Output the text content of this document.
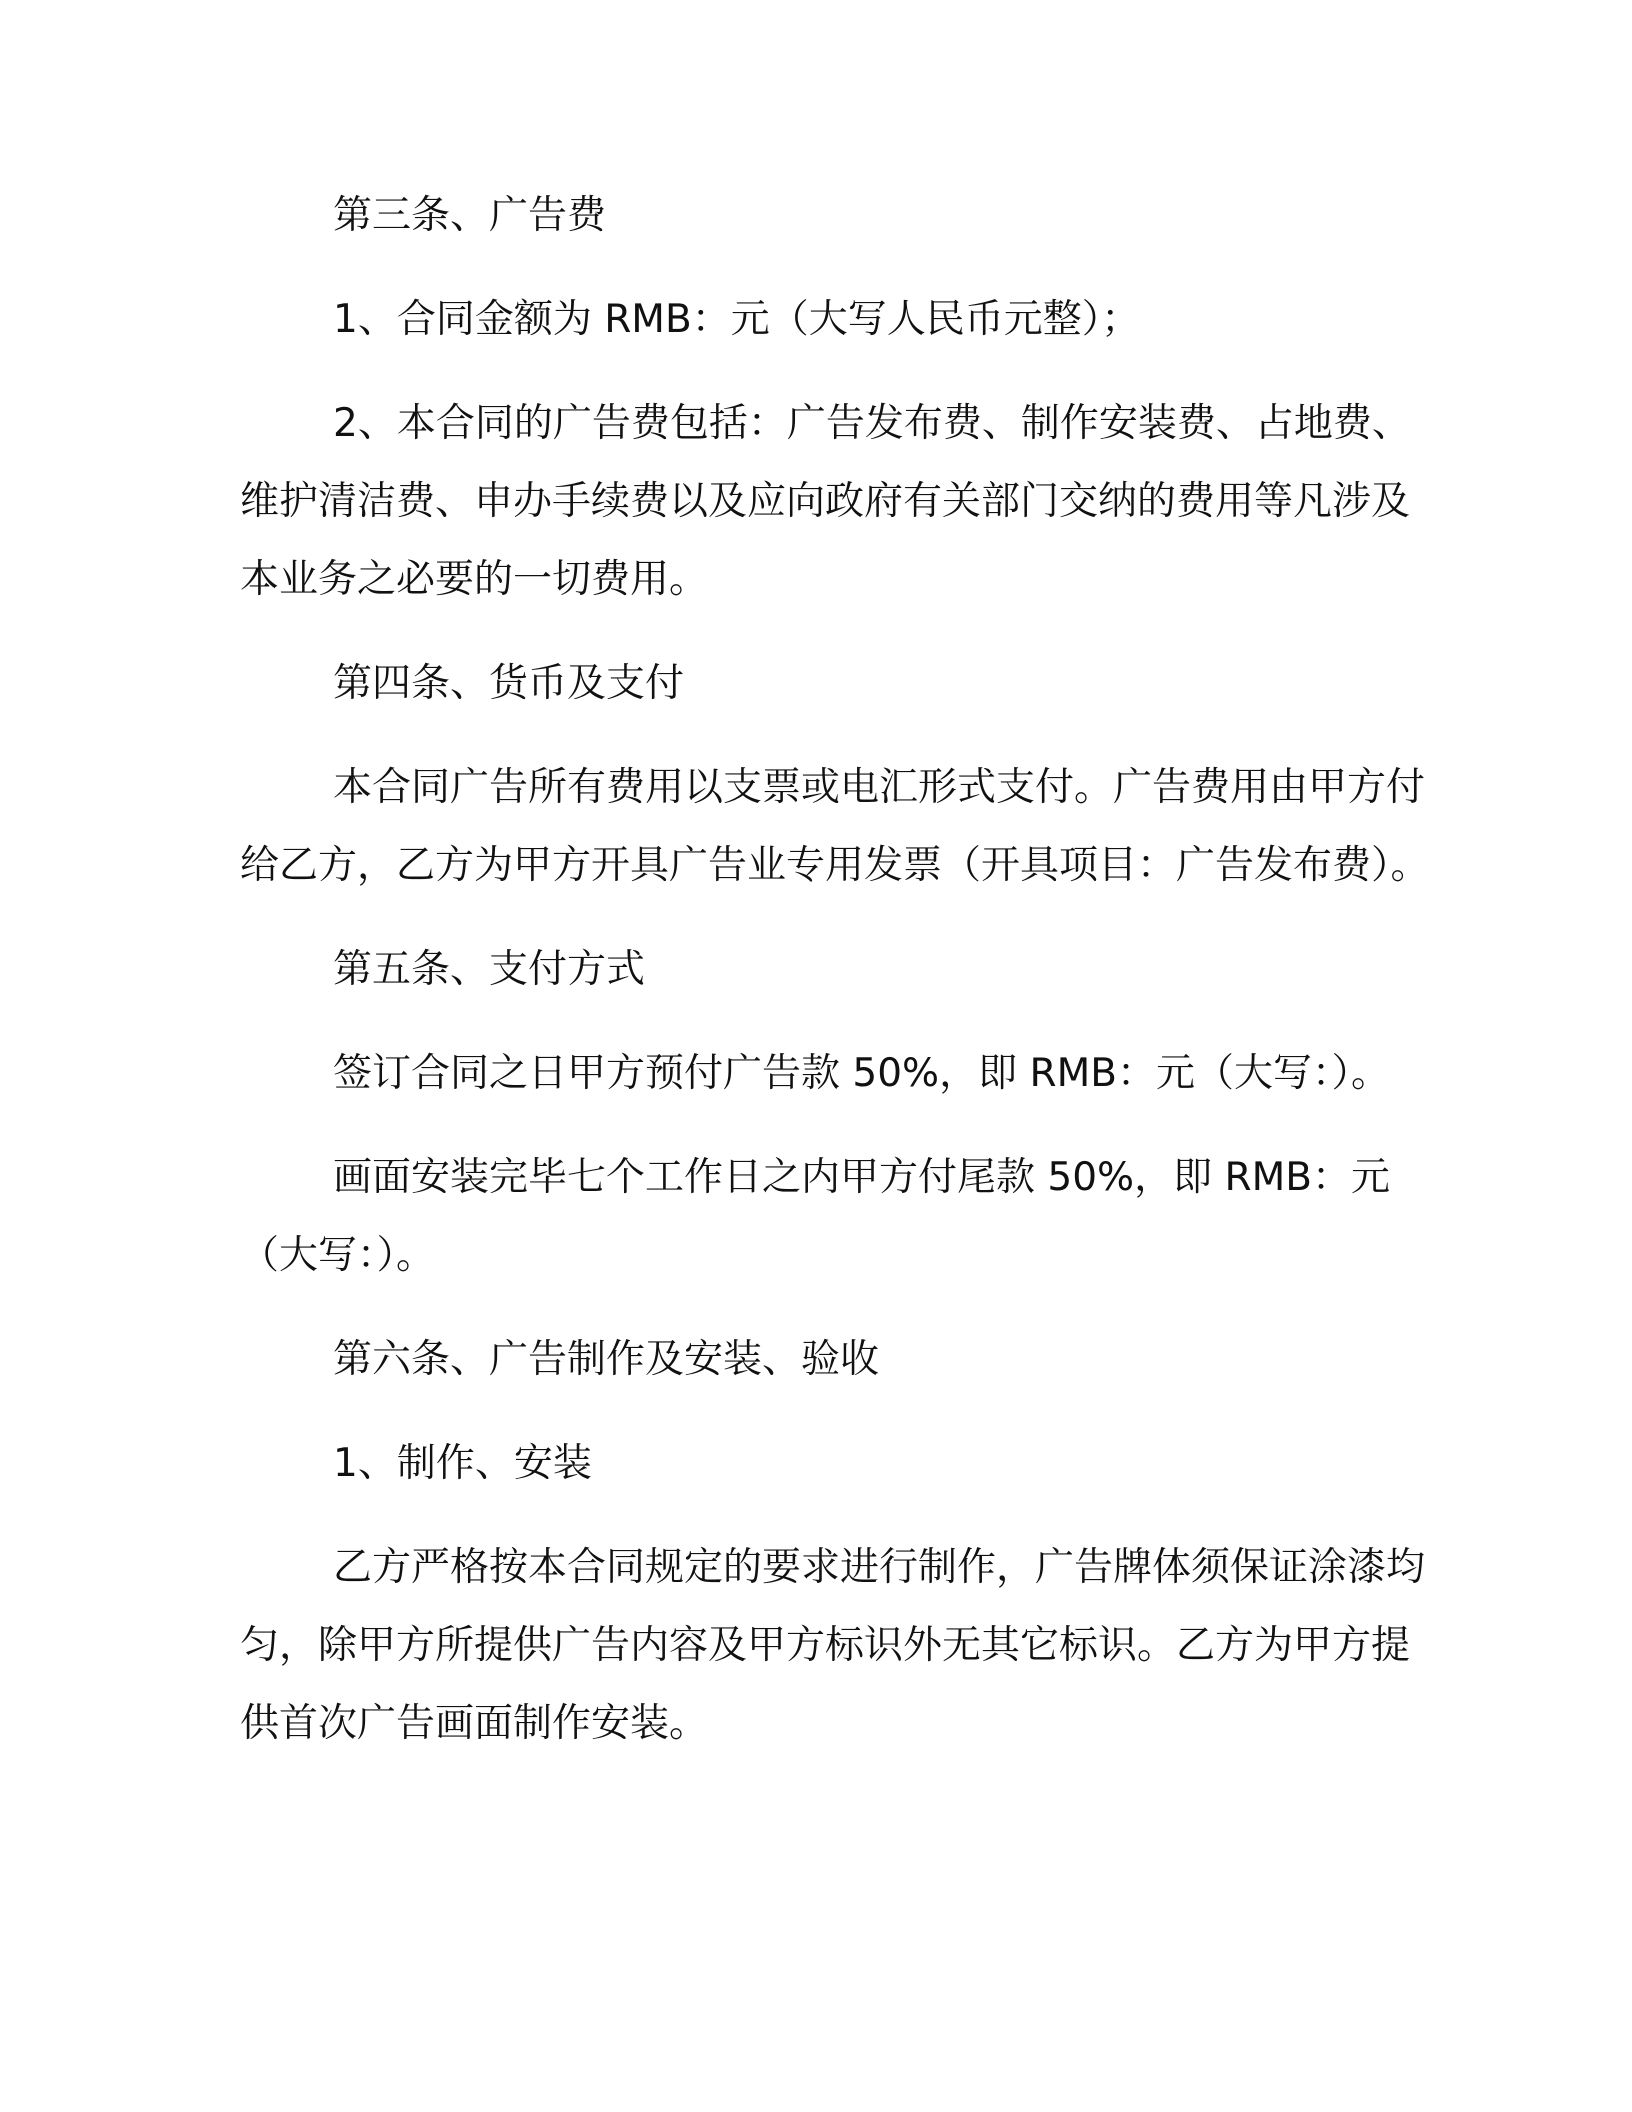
第三条、广告费

1、合同金额为 RMB：元（大写人民币元整）；

2、本合同的广告费包括：广告发布费、制作安装费、占地费、

维护清洁费、申办手续费以及应向政府有关部门交纳的费用等凡涉及

本业务之必要的一切费用。

第四条、货币及支付

本合同广告所有费用以支票或电汇形式支付。广告费用由甲方付

给乙方，乙方为甲方开具广告业专用发票（开具项目：广告发布费）。

第五条、支付方式

签订合同之日甲方预付广告款 50%，即 RMB：元（大写：）。

画面安装完毕七个工作日之内甲方付尾款 50%，即 RMB：元

（大写：）。

第六条、广告制作及安装、验收

1、制作、安装

乙方严格按本合同规定的要求进行制作，广告牌体须保证涂漆均

匀，除甲方所提供广告内容及甲方标识外无其它标识。乙方为甲方提

供首次广告画面制作安装。
